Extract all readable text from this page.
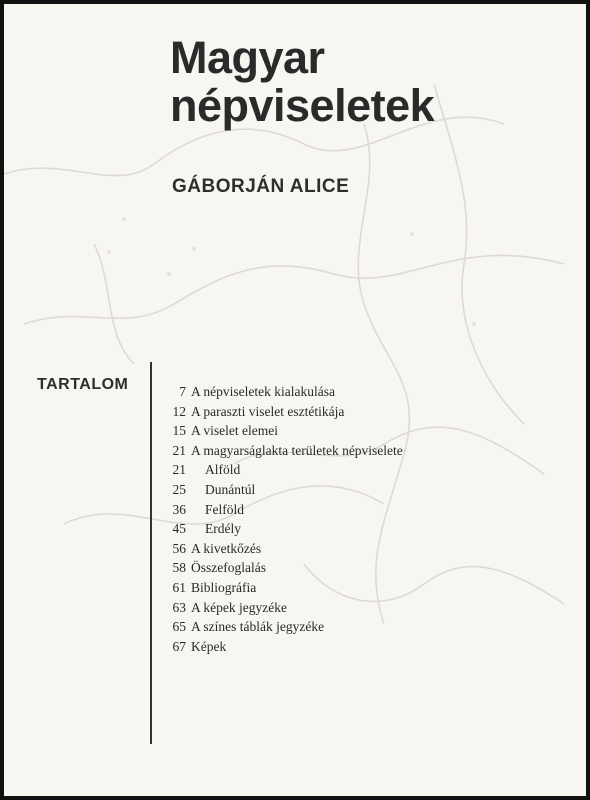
Magyar
népviseletek
GÁBORJÁN ALICE
TARTALOM	7 A népviseletek kialakulása
12 A paraszti viselet esztétikája
15 A viselet elemei
21 A magyarságlakta területek népviselete
21 Alföld
25 Dunántúl
36 Felföld
45 Erdély
56 A kivetkőzés
58 Összefoglalás
61 Bibliográfia
63 A képek jegyzéke
65 A színes táblák jegyzéke
67 Képek
